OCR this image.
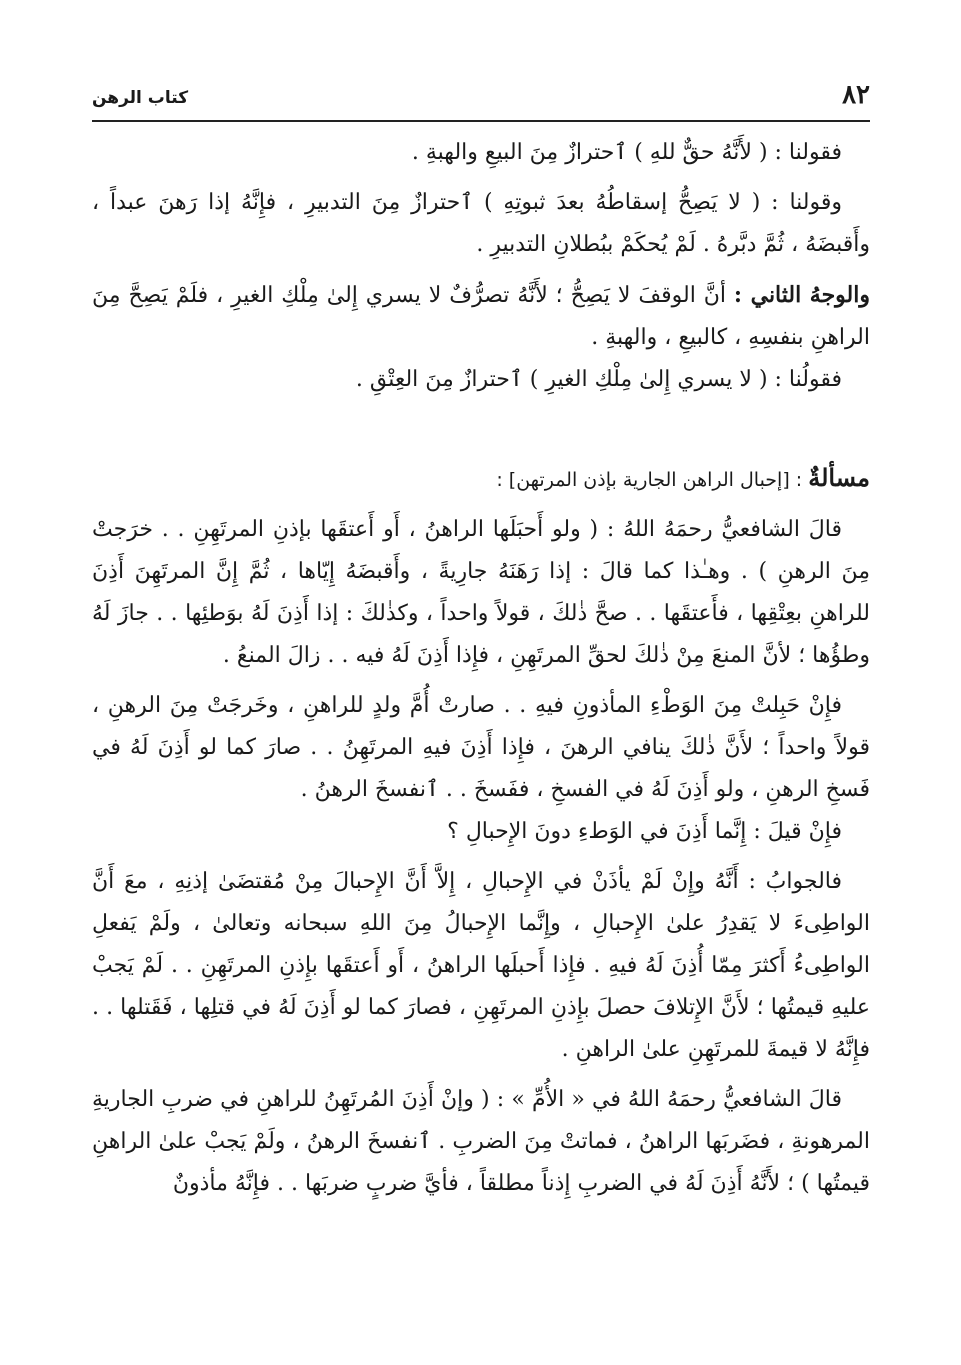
٨٢
كتاب الرهن

فقولنا : ( لأَنَّهُ حقٌّ للهِ ) ٱحترازٌ مِنَ البيعِ والهبةِ .

وقولنا : ( لا يَصِحُّ إسقاطُهُ بعدَ ثبوتِهِ ) ٱحترازٌ مِنَ التدبيرِ ، فإِنَّهُ إذا رَهنَ عبداً ، وأَقبضَهُ ، ثُمَّ دبَّرهُ . لَمْ يُحكَمْ ببُطلانِ التدبيرِ .

والوجهُ الثاني : أنَّ الوقفَ لا يَصِحُّ ؛ لأَنَّهُ تصرُّفٌ لا يسري إِلىٰ مِلْكِ الغيرِ ، فلَمْ يَصِحَّ مِنَ الراهنِ بنفسِهِ ، كالبيعِ ، والهبةِ .

فقولُنا : ( لا يسري إِلىٰ مِلْكِ الغيرِ ) ٱحترازٌ مِنَ العِتْقِ .

مسألةٌ : [إحبال الراهن الجارية بإذن المرتهن] :

قالَ الشافعيُّ رحمَهُ اللهُ : ( ولو أَحبَلَها الراهنُ ، أَو أَعتقَها بإذنِ المرتَهِنِ . . خرَجتْ مِنَ الرهنِ ) . وهـٰذا كما قالَ : إذا رَهَنَهُ جارِيةً ، وأَقبضَهُ إِيّاها ، ثُمَّ إِنَّ المرتَهِنَ أَذِنَ للراهنِ بعِتْقِها ، فأَعتقَها . . صحَّ ذٰلكَ ، قولاً واحداً ، وكذٰلكَ : إذا أَذِنَ لَهُ بوَطئِها . . جازَ لَهُ وطؤُها ؛ لأنَّ المنعَ مِنْ ذٰلكَ لحقِّ المرتَهِنِ ، فإِذا أَذِنَ لَهُ فيه . . زالَ المنعُ .

فإِنْ حَبِلتْ مِنَ الوَطْءِ المأذونِ فيهِ . . صارتْ أُمَّ ولدٍ للراهنِ ، وخَرجَتْ مِنَ الرهنِ ، قولاً واحداً ؛ لأَنَّ ذٰلكَ ينافي الرهنَ ، فإِذا أَذِنَ فيهِ المرتَهِنُ . . صارَ كما لو أَذِنَ لَهُ في فَسخِ الرهنِ ، ولو أَذِنَ لَهُ في الفسخِ ، ففَسخَ . . ٱنفسخَ الرهنُ .

فإِنْ قيلَ : إِنَّما أَذِنَ في الوَطءِ دونَ الإِحبالِ ؟

فالجوابُ : أَنَّهُ وإِنْ لَمْ يأذَنْ في الإِحبالِ ، إِلاَّ أَنَّ الإِحبالَ مِنْ مُقتضَىٰ إذنِهِ ، معَ أَنَّ الواطِىءَ لا يَقدِرُ علىٰ الإِحبالِ ، وإِنَّما الإِحبالُ مِنَ اللهِ سبحانه وتعالىٰ ، ولَمْ يَفعلِ الواطِىءُ أَكثرَ مِمّا أُذِنَ لَهُ فيهِ . فإِذا أَحبلَها الراهنُ ، أَو أَعتقَها بإِذنِ المرتَهِنِ . . لَمْ يَجبْ عليهِ قيمتُها ؛ لأَنَّ الإِتلافَ حصلَ بإِذنِ المرتَهِنِ ، فصارَ كما لو أَذِنَ لَهُ في قتلِها ، فَقَتلها . . فإِنَّهُ لا قيمةَ للمرتَهِنِ علىٰ الراهنِ .

قالَ الشافعيُّ رحمَهُ اللهُ في « الأُمِّ » : ( وإنْ أَذِنَ المُرتَهِنُ للراهنِ في ضربِ الجاريةِ المرهونةِ ، فضَربَها الراهنُ ، فماتتْ مِنَ الضربِ . ٱنفسخَ الرهنُ ، ولَمْ يَجبْ علىٰ الراهنِ قيمتُها ) ؛ لأَنَّهُ أَذِنَ لَهُ في الضربِ إِذناً مطلقاً ، فأيَّ ضربٍ ضربَها . . فإِنَّهُ مأذونٌ
